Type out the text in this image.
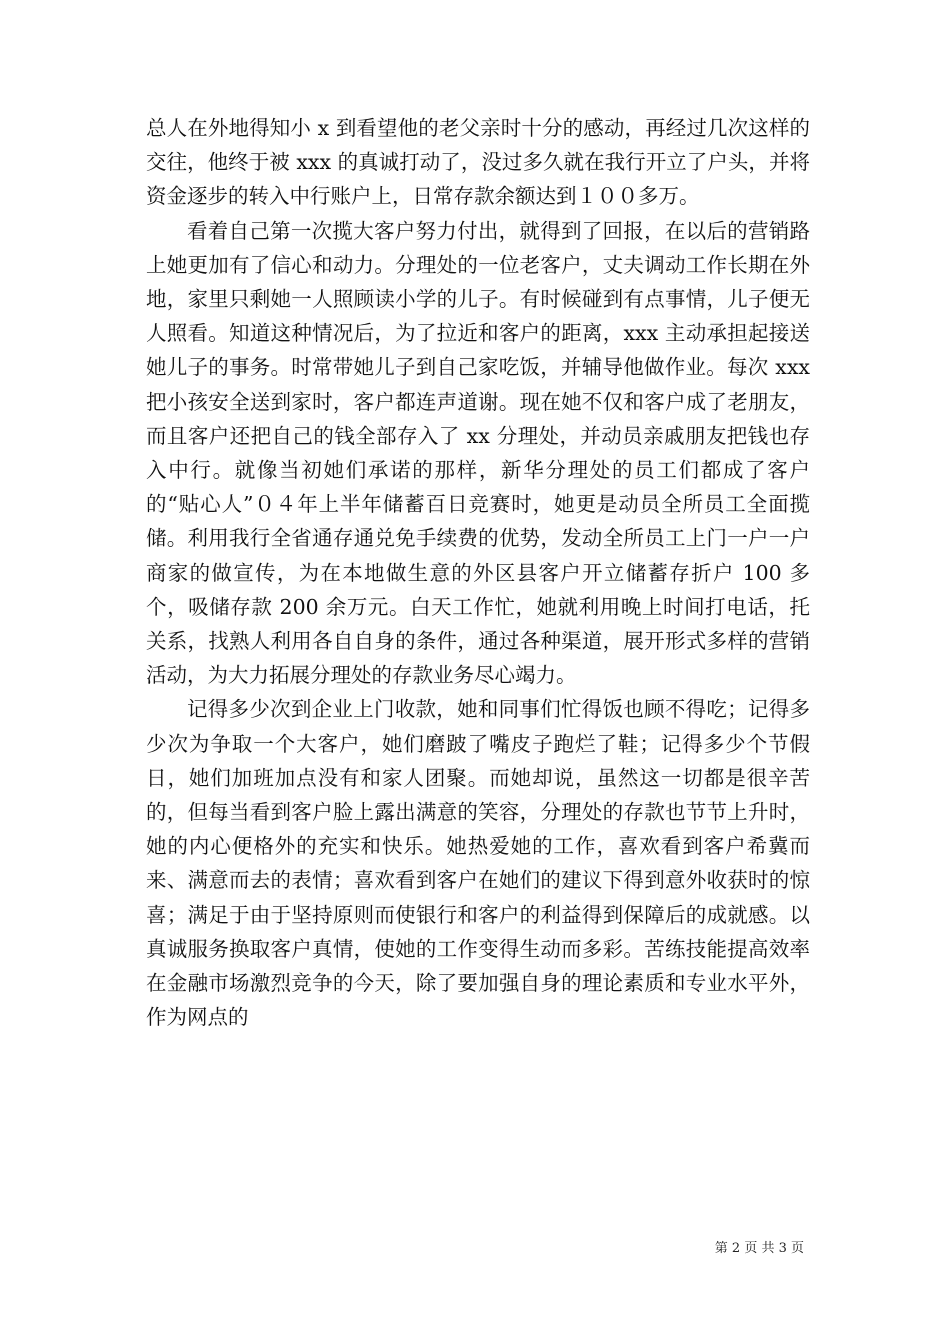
总人在外地得知小 x 到看望他的老父亲时十分的感动，再经过几次这样的交往，他终于被 xxx 的真诚打动了，没过多久就在我行开立了户头，并将资金逐步的转入中行账户上，日常存款余额达到１００多万。

看着自己第一次揽大客户努力付出，就得到了回报，在以后的营销路上她更加有了信心和动力。分理处的一位老客户，丈夫调动工作长期在外地，家里只剩她一人照顾读小学的儿子。有时候碰到有点事情，儿子便无人照看。知道这种情况后，为了拉近和客户的距离，xxx 主动承担起接送她儿子的事务。时常带她儿子到自己家吃饭，并辅导他做作业。每次 xxx 把小孩安全送到家时，客户都连声道谢。现在她不仅和客户成了老朋友，而且客户还把自己的钱全部存入了 xx 分理处，并动员亲戚朋友把钱也存入中行。就像当初她们承诺的那样，新华分理处的员工们都成了客户的“贴心人”０４年上半年储蓄百日竞赛时，她更是动员全所员工全面揽储。利用我行全省通存通兑免手续费的优势，发动全所员工上门一户一户商家的做宣传，为在本地做生意的外区县客户开立储蓄存折户 100 多个，吸储存款 200 余万元。白天工作忙，她就利用晚上时间打电话，托关系，找熟人利用各自自身的条件，通过各种渠道，展开形式多样的营销活动，为大力拓展分理处的存款业务尽心竭力。

记得多少次到企业上门收款，她和同事们忙得饭也顾不得吃；记得多少次为争取一个大客户，她们磨跛了嘴皮子跑烂了鞋；记得多少个节假日，她们加班加点没有和家人团聚。而她却说，虽然这一切都是很辛苦的，但每当看到客户脸上露出满意的笑容，分理处的存款也节节上升时，她的内心便格外的充实和快乐。她热爱她的工作，喜欢看到客户希冀而来、满意而去的表情；喜欢看到客户在她们的建议下得到意外收获时的惊喜；满足于由于坚持原则而使银行和客户的利益得到保障后的成就感。以真诚服务换取客户真情，使她的工作变得生动而多彩。苦练技能提高效率在金融市场激烈竞争的今天，除了要加强自身的理论素质和专业水平外，作为网点的

第 2 页 共 3 页
